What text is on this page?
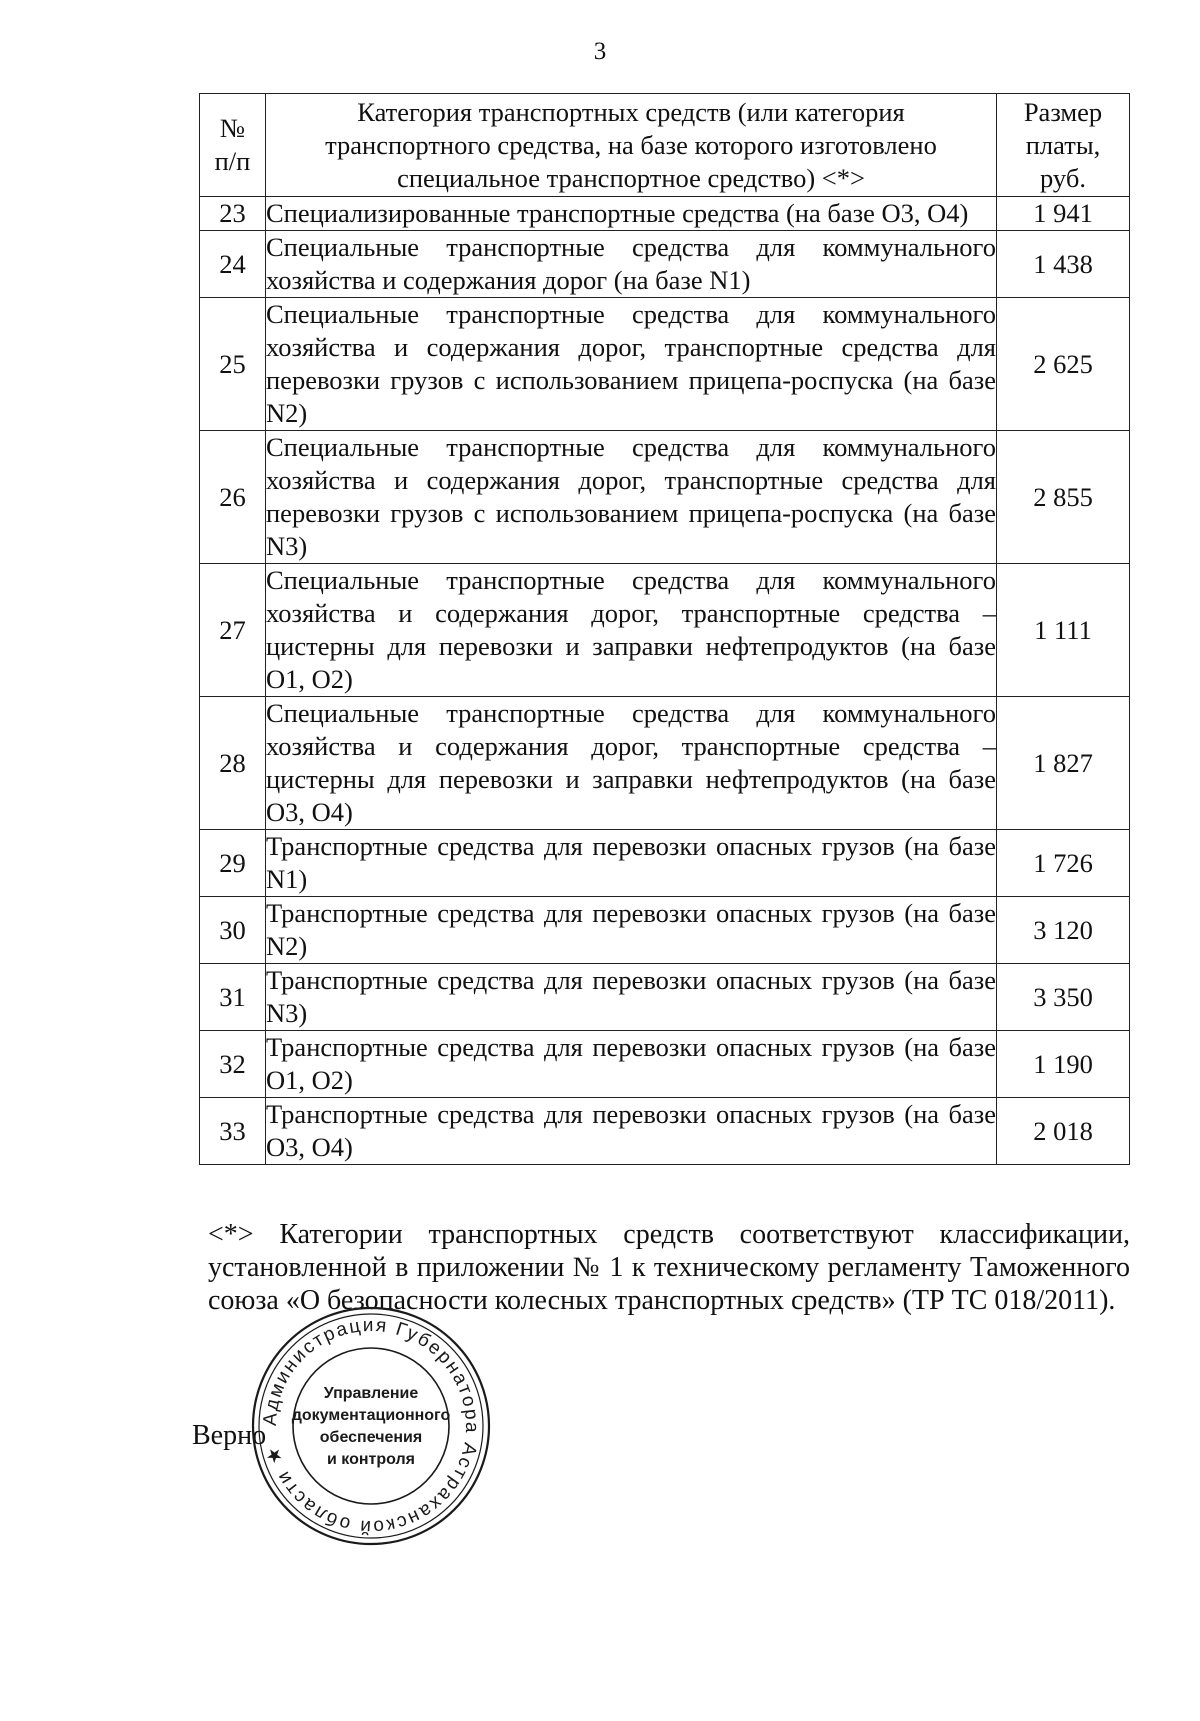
3
№ п/п	Категория транспортных средств (или категория транспортного средства, на базе которого изготовлено специальное транспортное средство) <*>	Размер платы, руб.

23	Специализированные транспортные средства (на базе O3, O4)	1 941
24	Специальные транспортные средства для коммунального хозяйства и содержания дорог (на базе N1)	1 438
25	Специальные транспортные средства для коммунального хозяйства и содержания дорог, транспортные средства для перевозки грузов с использованием прицепа-роспуска (на базе N2)	2 625
26	Специальные транспортные средства для коммунального хозяйства и содержания дорог, транспортные средства для перевозки грузов с использованием прицепа-роспуска (на базе N3)	2 855
27	Специальные транспортные средства для коммунального хозяйства и содержания дорог, транспортные средства – цистерны для перевозки и заправки нефтепродуктов (на базе O1, O2)	1 111
28	Специальные транспортные средства для коммунального хозяйства и содержания дорог, транспортные средства – цистерны для перевозки и заправки нефтепродуктов (на базе O3, O4)	1 827
29	Транспортные средства для перевозки опасных грузов (на базе N1)	1 726
30	Транспортные средства для перевозки опасных грузов (на базе N2)	3 120
31	Транспортные средства для перевозки опасных грузов (на базе N3)	3 350
32	Транспортные средства для перевозки опасных грузов (на базе O1, O2)	1 190
33	Транспортные средства для перевозки опасных грузов (на базе O3, O4)	2 018
<*> Категории транспортных средств соответствуют классификации, установленной в приложении № 1 к техническому регламенту Таможенного союза «О безопасности колесных транспортных средств» (ТР ТС 018/2011).
Верно
Администрация Губернатора Астраханской области ★
Управление
документационного
обеспечения
и контроля
